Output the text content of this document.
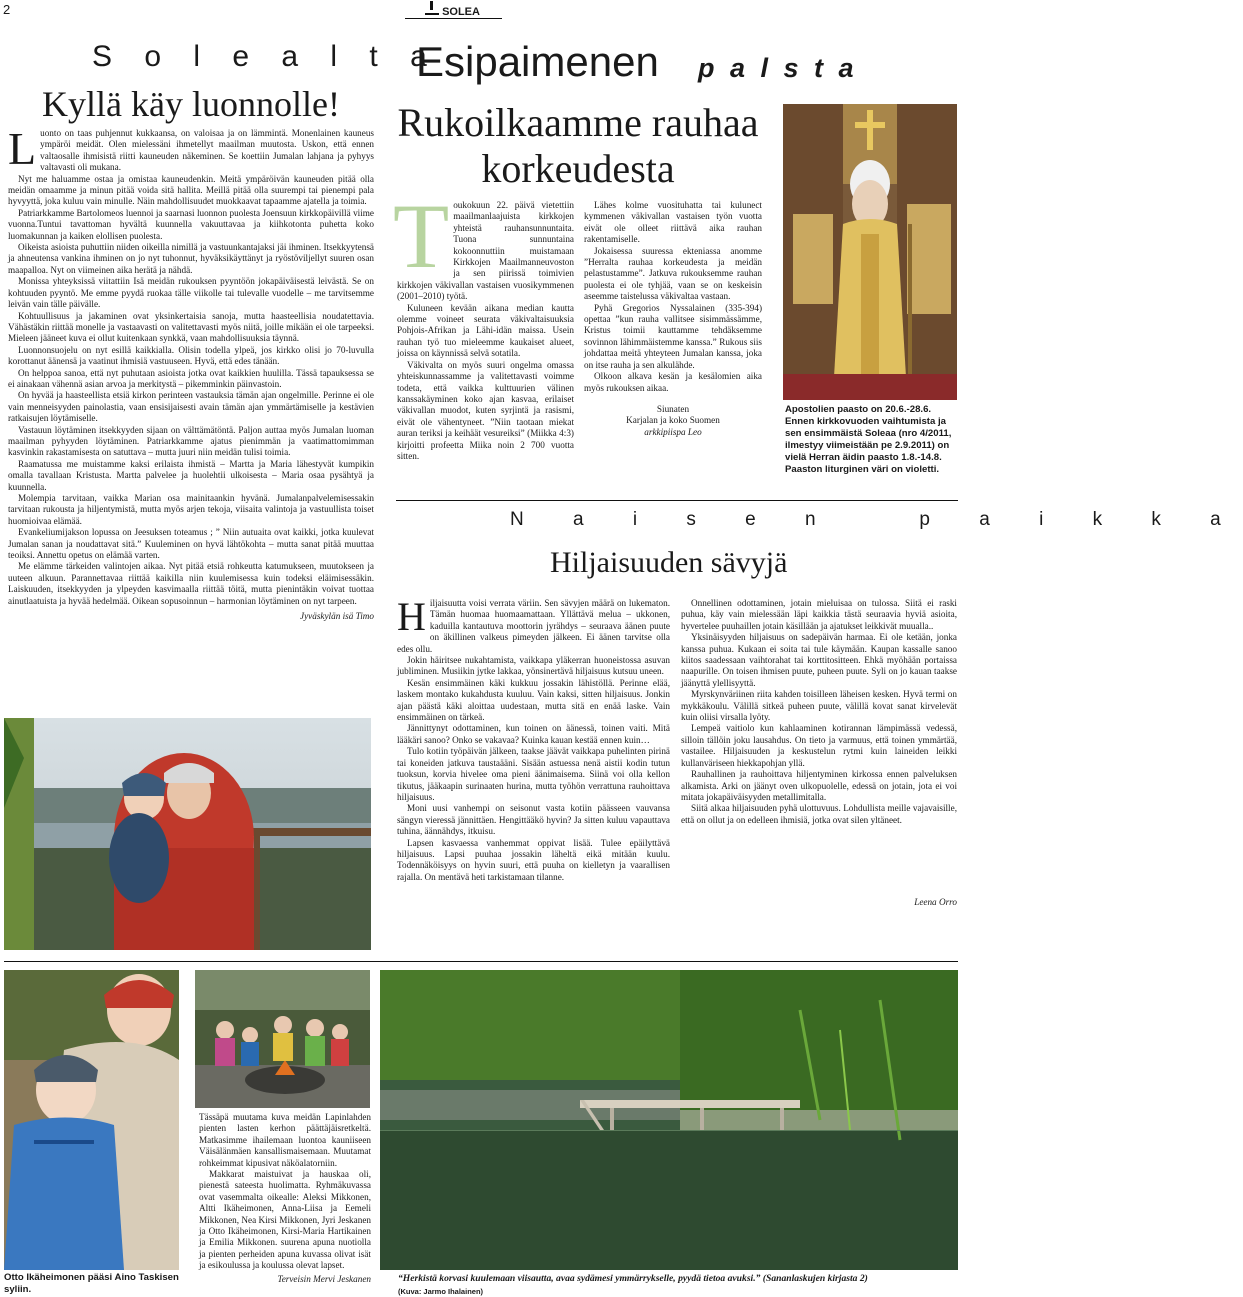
2	SOLEA
S o l e a l t a
Kyllä käy luonnolle!
L uonto on taas puhjennut kukkaansa, on valoisaa ja on lämmintä. Monenlainen kauneus ympäröi meidät. Olen mielessäni ihmetellyt maailman muutosta. Uskon, että ennen valtaosalle ihmisistä riitti kauneuden näkeminen. Se koettiin Jumalan lahjana ja pyhyys valtavasti oli mukana.

Nyt me haluamme ostaa ja omistaa kauneudenkin. Meitä ympäröivän kauneuden pitää olla meidän omaamme ja minun pitää voida sitä hallita. Meillä pitää olla suurempi tai pienempi pala hyvyyttä, joka kuluu vain minulle. Näin mahdollisuudet muokkaavat tapaamme ajatella ja toimia.

Patriarkkamme Bartolomeos luennoi ja saarnasi luonnon puolesta Joensuun kirkkopäivillä viime vuonna.Tuntui tavattoman hyvältä kuunnella vakuuttavaa ja kiihkotonta puhetta koko luomakunnan ja kaiken elollisen puolesta.

Oikeista asioista puhuttiin niiden oikeilla nimillä ja vastuunkantajaksi jäi ihminen. Itsekkyytensä ja ahneutensa vankina ihminen on jo nyt tuhonnut, hyväksikäyttänyt ja ryöstöviljellyt suuren osan maapalloa. Nyt on viimeinen aika herätä ja nähdä.

Monissa yhteyksissä viitattiin Isä meidän rukouksen pyyntöön jokapäiväisestä leivästä. Se on kohtuuden pyyntö. Me emme pyydä ruokaa tälle viikolle tai tulevalle vuodelle – me tarvitsemme leivän vain tälle päivälle.

Kohtuullisuus ja jakaminen ovat yksinkertaisia sanoja, mutta haasteellisia noudatettavia. Vähästäkin riittää monelle ja vastaavasti on valitettavasti myös niitä, joille mikään ei ole tarpeeksi. Mieleen jääneet kuva ei ollut kuitenkaan synkkä, vaan mahdollisuuksia täynnä.

Luonnonsuojelu on nyt esillä kaikkialla. Olisin todella ylpeä, jos kirkko olisi jo 70-luvulla korottanut äänensä ja vaatinut ihmisiä vastuuseen. Hyvä, että edes tänään.

On helppoa sanoa, että nyt puhutaan asioista jotka ovat kaikkien huulilla. Tässä tapauksessa se ei ainakaan vähennä asian arvoa ja merkitystä – pikemminkin päinvastoin.

On hyvää ja haasteellista etsiä kirkon perinteen vastauksia tämän ajan ongelmille. Perinne ei ole vain menneisyyden painolastia, vaan ensisijaisesti avain tämän ajan ymmärtämiselle ja kestävien ratkaisujen löytämiselle.

Vastauun löytäminen itsekkyyden sijaan on välttämätöntä. Paljon auttaa myös Jumalan luoman maailman pyhyyden löytäminen. Patriarkkamme ajatus pienimmän ja vaatimattomimman kasvinkin rakastamisesta on satuttava – mutta juuri niin meidän tulisi toimia.

Raamatussa me muistamme kaksi erilaista ihmistä – Martta ja Maria lähestyvät kumpikin omalla tavallaan Kristusta. Martta palvelee ja huolehtii ulkoisesta – Maria osaa pysähtyä ja kuunnella.

Molempia tarvitaan, vaikka Marian osa mainitaankin hyvänä. Jumalanpalvelemisessakin tarvitaan rukousta ja hiljentymistä, mutta myös arjen tekoja, viisaita valintoja ja vastuullista toiset huomioivaa elämää.

Evankeliumijakson lopussa on Jeesuksen toteamus ; ” Niin autuaita ovat kaikki, jotka kuulevat Jumalan sanan ja noudattavat sitä.” Kuuleminen on hyvä lähtökohta – mutta sanat pitää muuttaa teoiksi. Annettu opetus on elämää varten.

Me elämme tärkeiden valintojen aikaa. Nyt pitää etsiä rohkeutta katumukseen, muutokseen ja uuteen alkuun. Parannettavaa riittää kaikilla niin kuulemisessa kuin todeksi eläimisessäkin. Laiskuuden, itsekkyyden ja ylpeyden kasvimaalla riittää töitä, mutta pienintäkin voivat tuottaa ainutlaatuista ja hyvää hedelmää. Oikean sopusoinnun – harmonian löytäminen on nyt tarpeen.

Jyväskylän isä Timo
Esipaimenen p a l s t a
Rukoilkaamme rauhaa korkeudesta
T oukokuun 22. päivä vietettiin maailmanlaajuista kirkkojen yhteistä rauhansunnuntaita. Tuona sunnuntaina kokoonnuttiin muistamaan Kirkkojen Maailmanneuvoston ja sen piirissä toimivien kirkkojen väkivallan vastaisen vuosikymmenen (2001–2010) työtä.

Kuluneen kevään aikana median kautta olemme voineet seurata väkivaltaisuuksia Pohjois-Afrikan ja Lähi-idän maissa. Usein rauhan työ tuo mieleemme kaukaiset alueet, joissa on käynnissä selvä sotatila.

Väkivalta on myös suuri ongelma omassa yhteiskunnassamme ja valitettavasti voimme todeta, että vaikka kulttuurien välinen kanssakäyminen koko ajan kasvaa, erilaiset väkivallan muodot, kuten syrjintä ja rasismi, eivät ole vähentyneet. ”Niin taotaan miekat auran teriksi ja keihäät vesureiksi” (Miikka 4:3) kirjoitti profeetta Miika noin 2 700 vuotta sitten.

Lähes kolme vuosituhatta tai kulunect kymmenen väkivallan vastaisen työn vuotta eivät ole olleet riittävä aika rauhan rakentamiselle.

Jokaisessa suuressa ekteniassa anomme ”Herralta rauhaa korkeudesta ja meidän pelastustamme”. Jatkuva rukouksemme rauhan puolesta ei ole tyhjää, vaan se on keskeisin aseemme taistelussa väkivaltaa vastaan.

Pyhä Gregorios Nyssalainen (335-394) opettaa ”kun rauha vallitsee sisimmässämme, Kristus toimii kauttamme tehdäksemme sovinnon lähimmäistemme kanssa.” Rukous siis johdattaa meitä yhteyteen Jumalan kanssa, joka on itse rauha ja sen alkulähde.

Olkoon alkava kesän ja kesälomien aika myös rukouksen aikaa.

Siunaten
Karjalan ja koko Suomen
arkkipiispa Leo
Apostolien paasto on 20.6.-28.6. Ennen kirkkovuoden vaihtumista ja sen ensimmäistä Soleaa (nro 4/2011, ilmestyy viimeistään pe 2.9.2011) on vielä Herran äidin paasto 1.8.-14.8. Paaston liturginen väri on violetti.
N a i s e n   p a i k k a
Hiljaisuuden sävyjä
H iljaisuutta voisi verrata väriin. Sen sävyjen määrä on lukematon. Tämän huomaa huomaamattaan. Yllättävä melua – ukkonen, kaduilla kantautuva moottorin jyrähdys – seuraava äänen puute on äkillinen valkeus pimeyden jälkeen. Ei äänen tarvitse olla edes ollu.

Jokin häiritsee nukahtamista, vaikkapa yläkerran huoneistossa asuvan jubliminen. Musiikin jytke lakkaa, yönsinertävä hiljaisuus kutsuu uneen.

Kesän ensimmäinen käki kukkuu jossakin lähistöllä. Perinne elää, laskem montako kukahdusta kuuluu. Vain kaksi, sitten hiljaisuus. Jonkin ajan päästä käki aloittaa uudestaan, mutta sitä en enää laske. Vain ensimmäinen on tärkeä.

Jännittynyt odottaminen, kun toinen on äänessä, toinen vaiti. Mitä lääkäri sanoo? Onko se vakavaa? Kuinka kauan kestää ennen kuin…

Tulo kotiin työpäivän jälkeen, taakse jäävät vaikkapa puhelinten pirinä tai koneiden jatkuva taustaääni. Sisään astuessa nenä aistii kodin tutun tuoksun, korvia hivelee oma pieni äänimaisema. Siinä voi olla kellon tikutus, jääkaapin surinaaten hurina, mutta työhön verrattuna rauhoittava hiljaisuus.

Moni uusi vanhempi on seisonut vasta kotiin päässeen vauvansa sängyn vieressä jännittäen. Hengittääkö hyvin? Ja sitten kuluu vapauttava tuhina, äännähdys, itkuisu.

Lapsen kasvaessa vanhemmat oppivat lisää. Tulee epäilyttävä hiljaisuus. Lapsi puuhaa jossakin läheltä eikä mitään kuulu. Todennäköisyys on hyvin suuri, että puuha on kielletyn ja vaarallisen rajalla. On mentävä heti tarkistamaan tilanne.

Onnellinen odottaminen, jotain mieluisaa on tulossa. Siitä ei raski puhua, käy vain mielessään läpi kaikkia tästä seuraavia hyviä asioita, hyvertelee puuhaillen jotain käsillään ja ajatukset leikkivät muualla..

Yksinäisyyden hiljaisuus on sadepäivän harmaa. Ei ole ketään, jonka kanssa puhua. Kukaan ei soita tai tule käymään. Kaupan kassalle sanoo kiitos saadessaan vaihtorahat tai korttitositteen. Ehkä myöhään portaissa naapurille. On toisen ihmisen puute, puheen puute. Syli on jo kauan taakse jäänyttä ylellisyyttä.

Myrskynväriinen riita kahden toisilleen läheisen kesken. Hyvä termi on mykkäkoulu. Välillä sitkeä puheen puute, välillä kovat sanat kirvelevät kuin oliisi virsalla lyöty.

Lempeä vaitiolo kun kahlaaminen kotirannan lämpimässä vedessä, silloin tällöin joku lausahdus. On tieto ja varmuus, että toinen ymmärtää, vastailee. Hiljaisuuden ja keskustelun rytmi kuin laineiden leikki kullanväriseen hiekkapohjan yllä.

Rauhallinen ja rauhoittava hiljentyminen kirkossa ennen palveluksen alkamista. Arki on jäänyt oven ulkopuolelle, edessä on jotain, jota ei voi mitata jokapäiväisyyden metallimitalla.

Siitä alkaa hiljaisuuden pyhä ulottuvuus. Lohdullista meille vajavaisille, että on ollut ja on edelleen ihmisiä, jotka ovat silen yltäneet.

Leena Orro
Otto Ikäheimonen pääsi Aino Taskisen syliin.

Tässäpä muutama kuva meidän Lapinlahden pienten lasten kerhon päättäjäisretkeltä. Matkasimme ihailemaan luontoa kauniiseen Väisälänmäen kansallismaisemaan. Muutamat rohkeimmat kipusivat näköalatorniin.

Makkarat maistuivat ja hauskaa oli, pienestä sateesta huolimatta. Ryhmäkuvassa ovat vasemmalta oikealle: Aleksi Mikkonen, Altti Ikäheimonen, Anna-Liisa ja Eemeli Mikkonen, Nea Kirsi Mikkonen, Jyri Jeskanen ja Otto Ikäheimonen, Kirsi-Maria Hartikainen ja Emilia Mikkonen. suurena apuna nuotiolla ja pienten perheiden apuna kuvassa olivat isät ja esikoulussa ja koulussa olevat lapset.

Terveisin Mervi Jeskanen	“Herkistä korvasi kuulemaan viisautta, avaa sydämesi ymmärrykselle, pyydä tietoa avuksi.” (Sananlaskujen kirjasta 2)
(Kuva: Jarmo Ihalainen)
